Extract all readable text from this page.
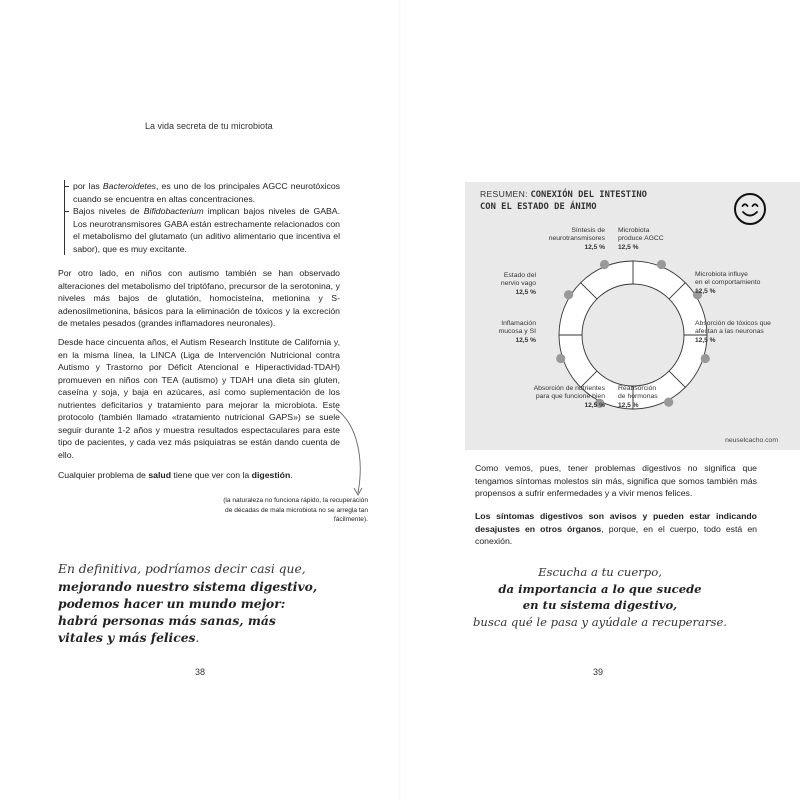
La vida secreta de tu microbiota
por las Bacteroidetes, es uno de los principales AGCC neurotóxicos cuando se encuentra en altas concentraciones.
Bajos niveles de Bifidobacterium implican bajos niveles de GABA. Los neurotransmisores GABA están estrechamente relacionados con el metabolismo del glutamato (un aditivo alimentario que incentiva el sabor), que es muy excitante.

Por otro lado, en niños con autismo también se han observado alteraciones del metabolismo del triptófano, precursor de la serotonina, y niveles más bajos de glutatión, homocisteína, metionina y S-adenosilmetionina, básicos para la eliminación de tóxicos y la excreción de metales pesados (grandes inflamadores neuronales).

Desde hace cincuenta años, el Autism Research Institute de California y, en la misma línea, la LINCA (Liga de Intervención Nutricional contra Autismo y Trastorno por Déficit Atencional e Hiperactividad-TDAH) promueven en niños con TEA (autismo) y TDAH una dieta sin gluten, caseína y soja, y baja en azúcares, así como suplementación de los nutrientes deficitarios y tratamiento para mejorar la microbiota. Este protocolo (también llamado «tratamiento nutricional GAPS») se suele seguir durante 1-2 años y muestra resultados espectaculares para este tipo de pacientes, y cada vez más psiquiatras se están dando cuenta de ello.

Cualquier problema de salud tiene que ver con la digestión.

(la naturaleza no funciona rápido, la recuperación de décadas de mala microbiota no se arregla tan fácilmente).

En definitiva, podríamos decir casi que,
mejorando nuestro sistema digestivo,
podemos hacer un mundo mejor:
habrá personas más sanas, más
vitales y más felices.
38

RESUMEN: CONEXIÓN DEL INTESTINO
CON EL ESTADO DE ÁNIMO

Síntesis de
neurotransmisores
12,5 %
Microbiota
produce AGCC
12,5 %
Microbiota influye
en el comportamiento
12,5 %
Absorción de tóxicos que
afectan a las neuronas
12,5 %
Reabsorción
de hormonas
12,5 %
Absorción de nutrientes
para que funcione bien
12,5 %
Inflamación
mucosa y SI
12,5 %
Estado del
nervio vago
12,5 %
neuselcacho.com

Como vemos, pues, tener problemas digestivos no significa que tengamos síntomas molestos sin más, significa que somos también más propensos a sufrir enfermedades y a vivir menos felices.

Los síntomas digestivos son avisos y pueden estar indicando desajustes en otros órganos, porque, en el cuerpo, todo está en conexión.

Escucha a tu cuerpo,
da importancia a lo que sucede
en tu sistema digestivo,
busca qué le pasa y ayúdale a recuperarse.
39
